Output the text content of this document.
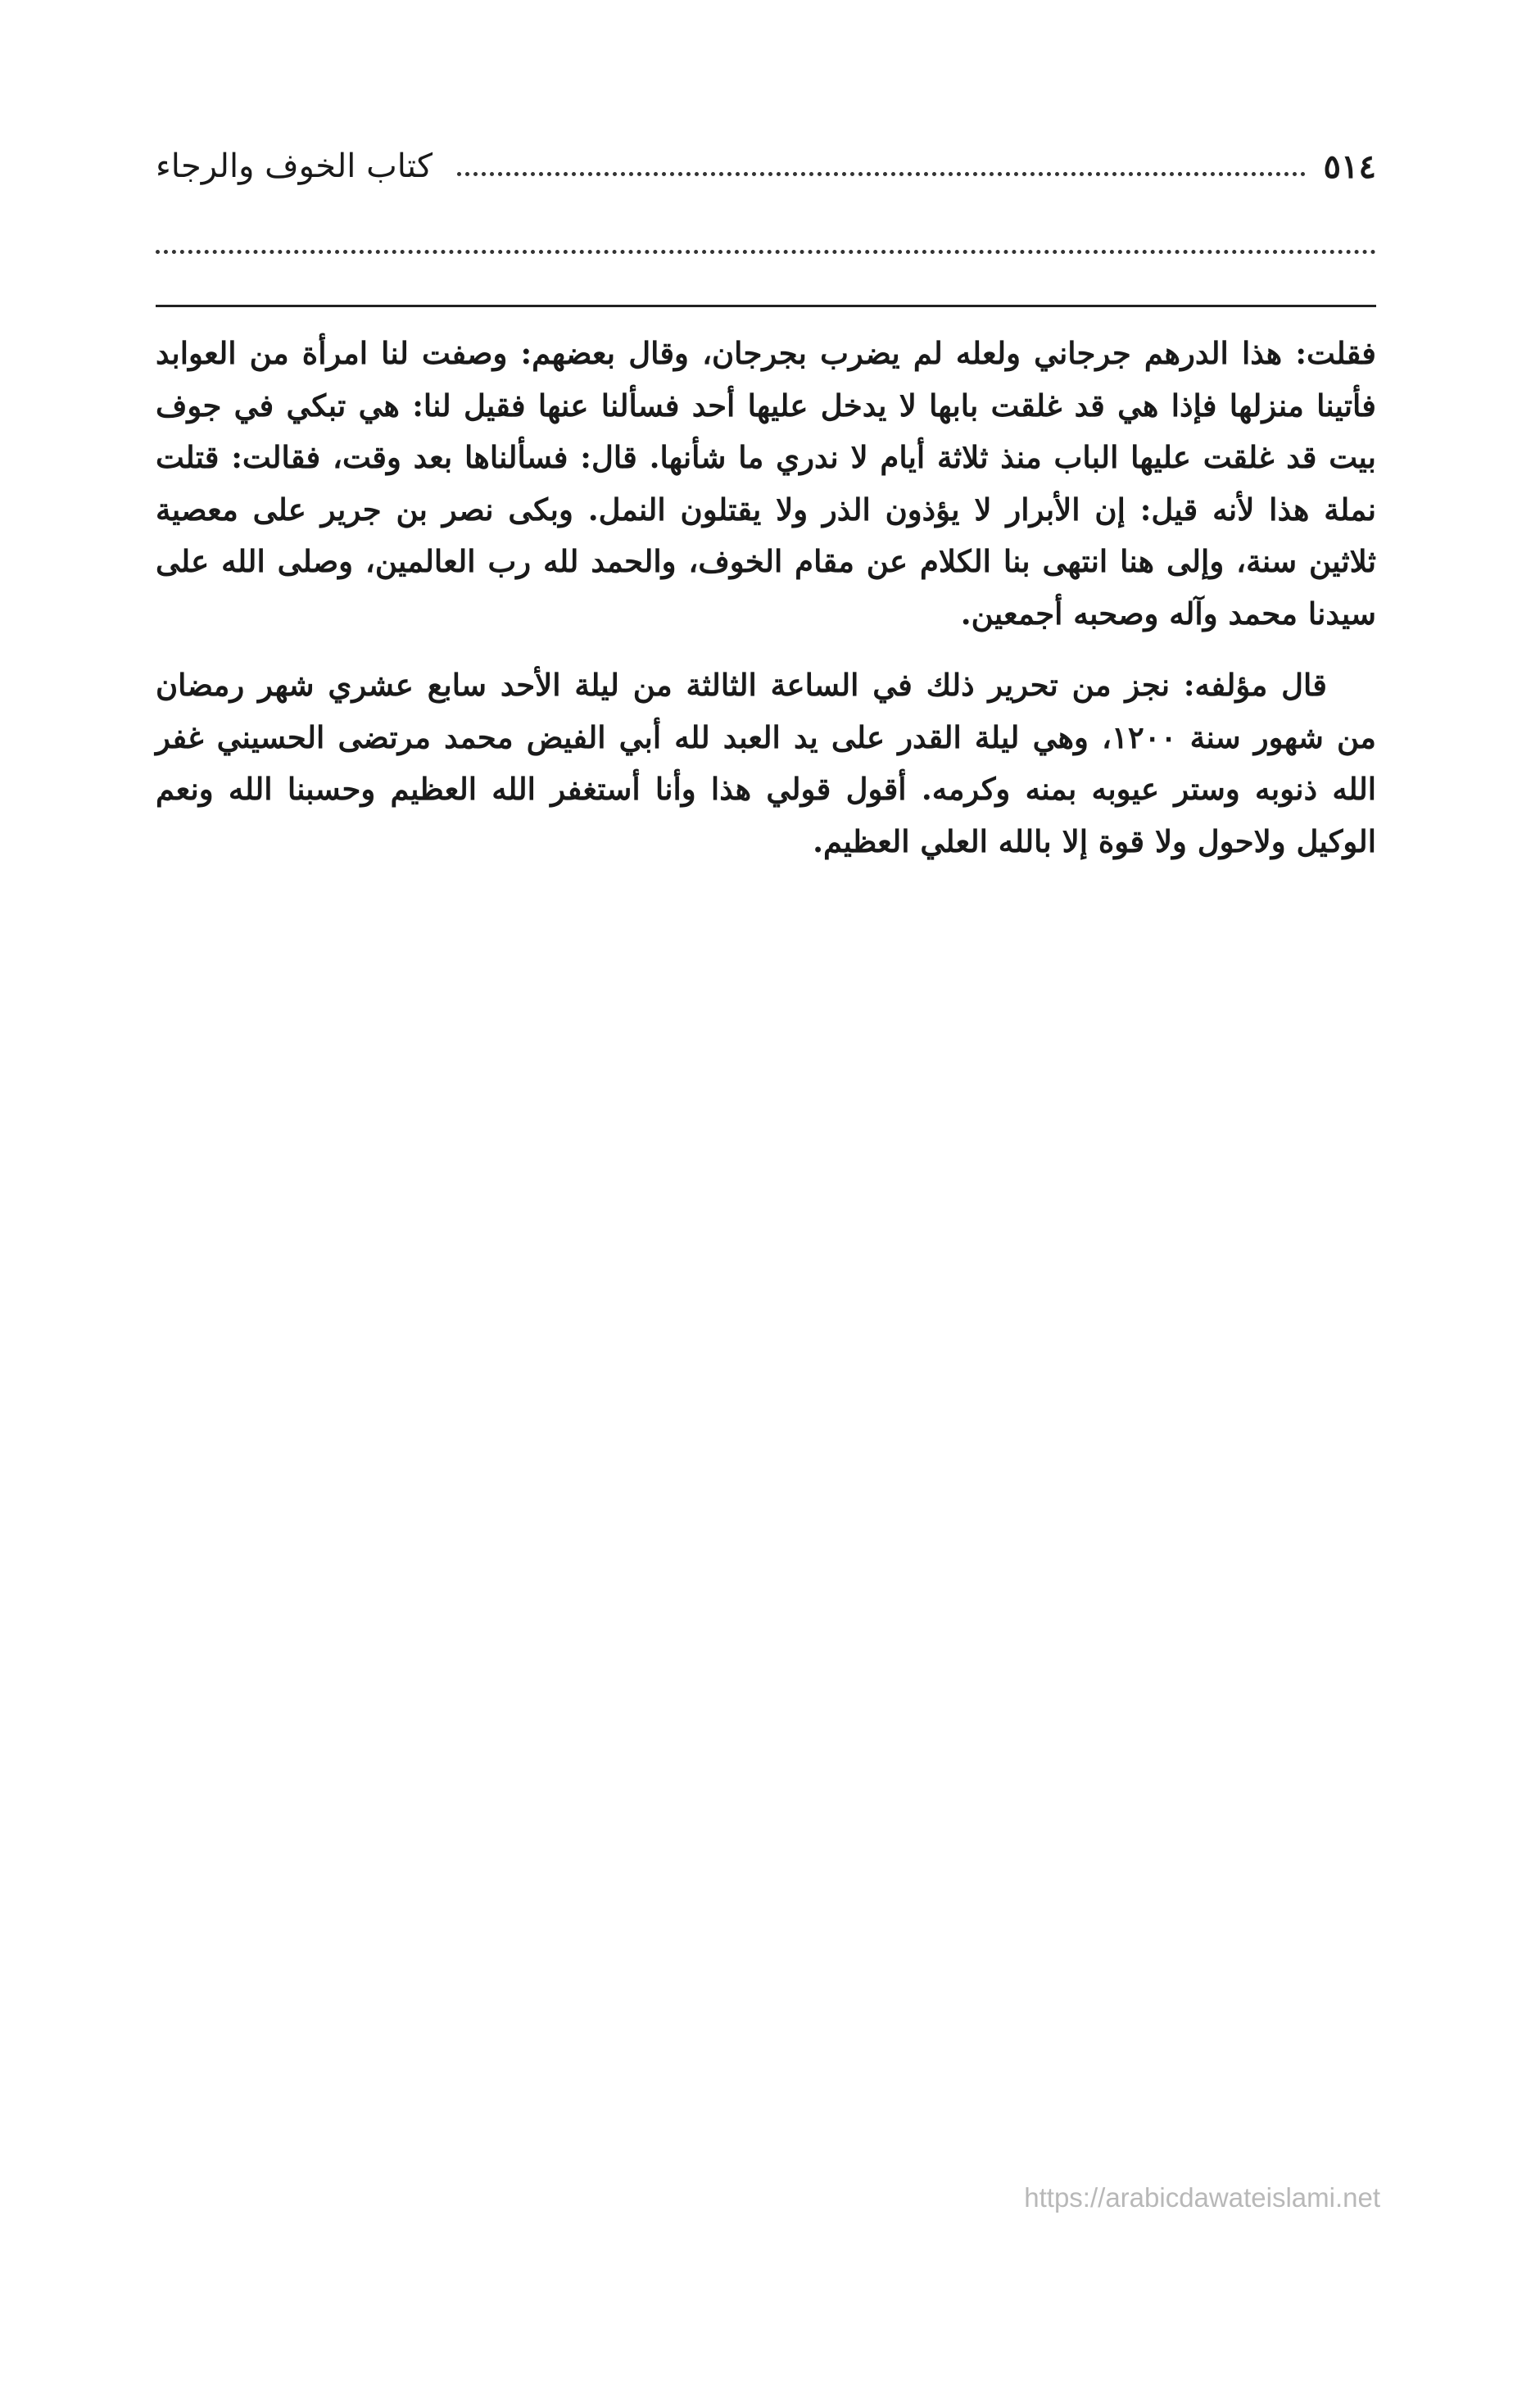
٥١٤
كتاب الخوف والرجاء

فقلت: هذا الدرهم جرجاني ولعله لم يضرب بجرجان، وقال بعضهم: وصفت لنا امرأة من العوابد فأتينا منزلها فإذا هي قد غلقت بابها لا يدخل عليها أحد فسألنا عنها فقيل لنا: هي تبكي في جوف بيت قد غلقت عليها الباب منذ ثلاثة أيام لا ندري ما شأنها. قال: فسألناها بعد وقت، فقالت: قتلت نملة هذا لأنه قيل: إن الأبرار لا يؤذون الذر ولا يقتلون النمل. وبكى نصر بن جرير على معصية ثلاثين سنة، وإلى هنا انتهى بنا الكلام عن مقام الخوف، والحمد لله رب العالمين، وصلى الله على سيدنا محمد وآله وصحبه أجمعين.

قال مؤلفه: نجز من تحرير ذلك في الساعة الثالثة من ليلة الأحد سابع عشري شهر رمضان من شهور سنة ١٢٠٠، وهي ليلة القدر على يد العبد لله أبي الفيض محمد مرتضى الحسيني غفر الله ذنوبه وستر عيوبه بمنه وكرمه. أقول قولي هذا وأنا أستغفر الله العظيم وحسبنا الله ونعم الوكيل ولاحول ولا قوة إلا بالله العلي العظيم.

https://arabicdawateislami.net
